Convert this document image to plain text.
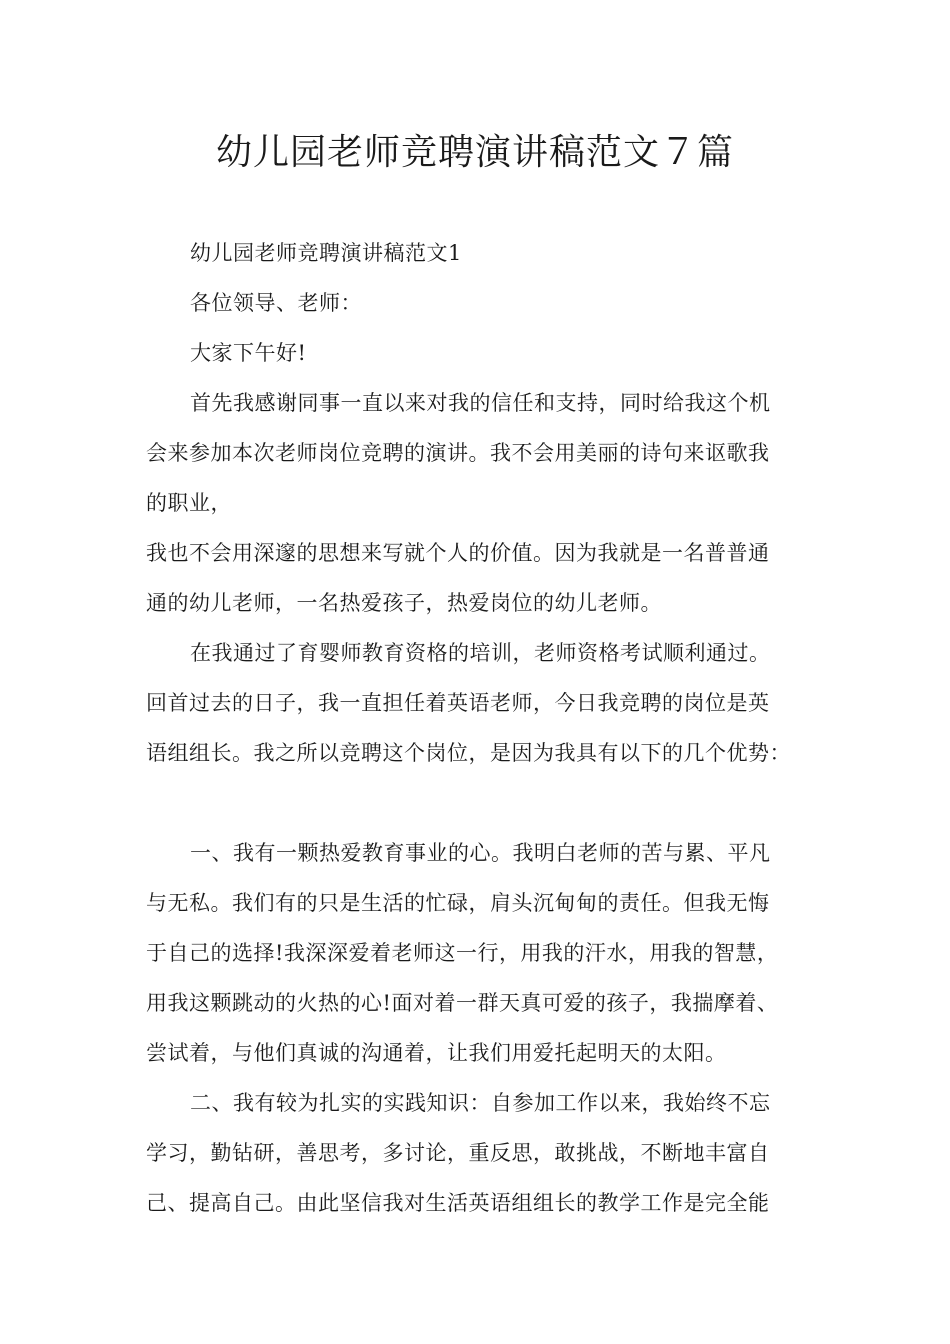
幼儿园老师竞聘演讲稿范文７篇
幼儿园老师竞聘演讲稿范文1
各位领导、老师：
大家下午好!
首先我感谢同事一直以来对我的信任和支持，同时给我这个机
会来参加本次老师岗位竞聘的演讲。我不会用美丽的诗句来讴歌我
的职业，
我也不会用深邃的思想来写就个人的价值。因为我就是一名普普通
通的幼儿老师，一名热爱孩子，热爱岗位的幼儿老师。
在我通过了育婴师教育资格的培训，老师资格考试顺利通过。
回首过去的日子，我一直担任着英语老师，今日我竞聘的岗位是英
语组组长。我之所以竞聘这个岗位，是因为我具有以下的几个优势：
一、我有一颗热爱教育事业的心。我明白老师的苦与累、平凡
与无私。我们有的只是生活的忙碌，肩头沉甸甸的责任。但我无悔
于自己的选择!我深深爱着老师这一行，用我的汗水，用我的智慧，
用我这颗跳动的火热的心!面对着一群天真可爱的孩子，我揣摩着、
尝试着，与他们真诚的沟通着，让我们用爱托起明天的太阳。
二、我有较为扎实的实践知识：自参加工作以来，我始终不忘
学习，勤钻研，善思考，多讨论，重反思，敢挑战，不断地丰富自
己、提高自己。由此坚信我对生活英语组组长的教学工作是完全能
